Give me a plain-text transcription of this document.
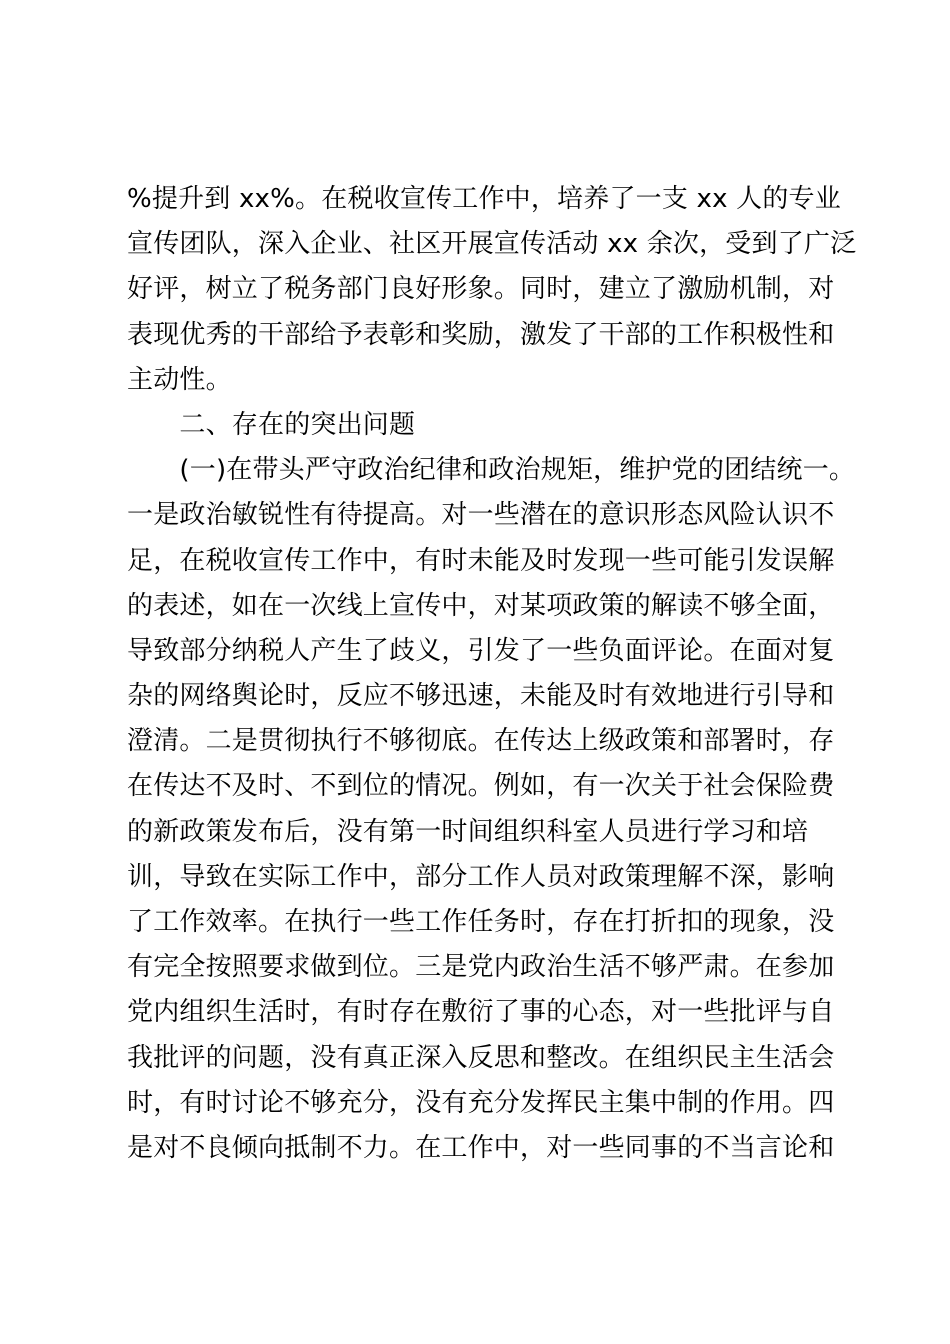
%提升到 xx%。在税收宣传工作中，培养了一支 xx 人的专业
宣传团队，深入企业、社区开展宣传活动 xx 余次，受到了广泛
好评，树立了税务部门良好形象。同时，建立了激励机制，对
表现优秀的干部给予表彰和奖励，激发了干部的工作积极性和
主动性。
　　二、存在的突出问题
　　(一)在带头严守政治纪律和政治规矩，维护党的团结统一。
一是政治敏锐性有待提高。对一些潜在的意识形态风险认识不
足，在税收宣传工作中，有时未能及时发现一些可能引发误解
的表述，如在一次线上宣传中，对某项政策的解读不够全面，
导致部分纳税人产生了歧义，引发了一些负面评论。在面对复
杂的网络舆论时，反应不够迅速，未能及时有效地进行引导和
澄清。二是贯彻执行不够彻底。在传达上级政策和部署时，存
在传达不及时、不到位的情况。例如，有一次关于社会保险费
的新政策发布后，没有第一时间组织科室人员进行学习和培
训，导致在实际工作中，部分工作人员对政策理解不深，影响
了工作效率。在执行一些工作任务时，存在打折扣的现象，没
有完全按照要求做到位。三是党内政治生活不够严肃。在参加
党内组织生活时，有时存在敷衍了事的心态，对一些批评与自
我批评的问题，没有真正深入反思和整改。在组织民主生活会
时，有时讨论不够充分，没有充分发挥民主集中制的作用。四
是对不良倾向抵制不力。在工作中，对一些同事的不当言论和
